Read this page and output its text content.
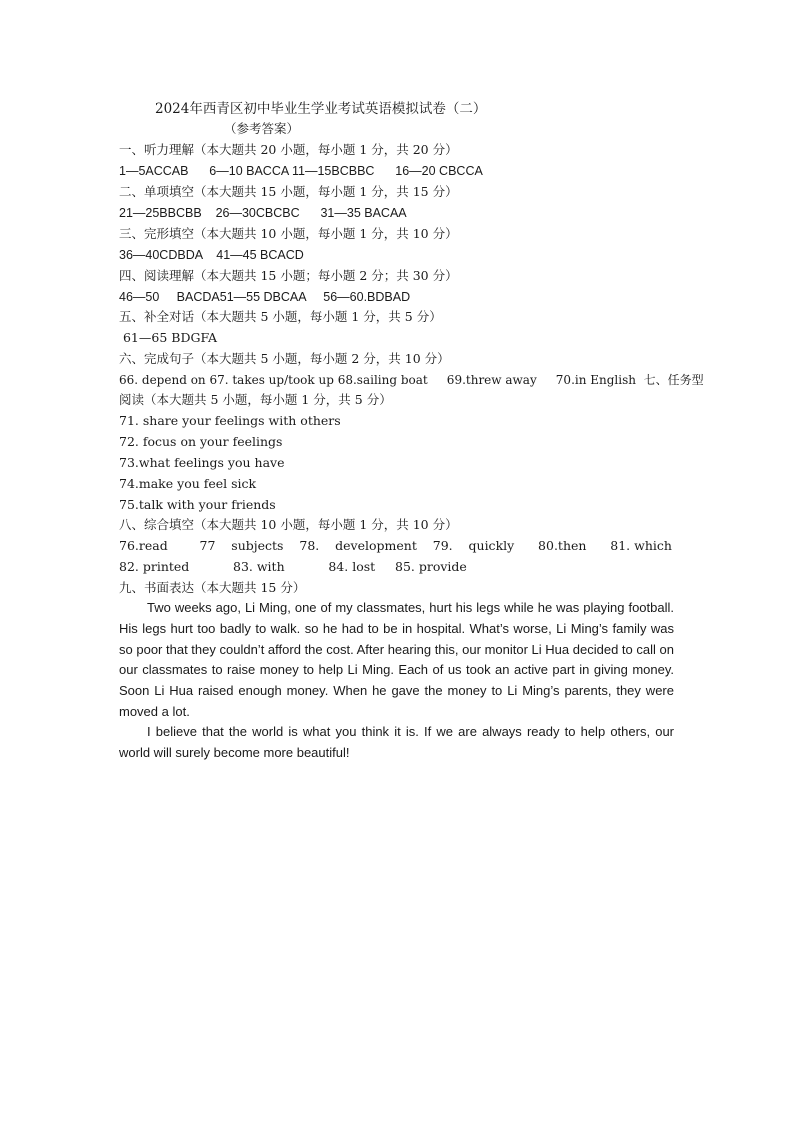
2024年西青区初中毕业生学业考试英语模拟试卷（二）
（参考答案）
一、听力理解（本大题共 20 小题，每小题 1 分，共 20 分）
1—5ACCAB      6—10 BACCA 11—15BCBBC      16—20 CBCCA
二、单项填空（本大题共 15 小题，每小题 1 分，共 15 分）
21—25BBCBB    26—30CBCBC      31—35 BACAA
三、完形填空（本大题共 10 小题，每小题 1 分，共 10 分）
36—40CDBDA    41—45 BCACD
四、阅读理解（本大题共 15 小题；每小题 2 分；共 30 分）
46—50     BACDA51—55 DBCAA     56—60.BDBAD
五、补全对话（本大题共 5 小题，每小题 1 分，共 5 分）
61—65 BDGFA
六、完成句子（本大题共 5 小题，每小题 2 分，共 10 分）
66. depend on 67. takes up/took up 68.sailing boat     69.threw away     70.in English  七、任务型
阅读（本大题共 5 小题，每小题 1 分，共 5 分）
71. share your feelings with others
72. focus on your feelings
73.what feelings you have
74.make you feel sick
75.talk with your friends
八、综合填空（本大题共 10 小题，每小题 1 分，共 10 分）
76.read        77    subjects    78.    development    79.    quickly      80.then      81. which
82. printed           83. with           84. lost     85. provide
九、书面表达（本大题共 15 分）

Two weeks ago, Li Ming, one of my classmates, hurt his legs while he was playing football. His legs hurt too badly to walk. so he had to be in hospital. What’s worse, Li Ming’s family was so poor that they couldn’t afford the cost. After hearing this, our monitor Li Hua decided to call on our classmates to raise money to help Li Ming. Each of us took an active part in giving money. Soon Li Hua raised enough money. When he gave the money to Li Ming’s parents, they were moved a lot.

I believe that the world is what you think it is. If we are always ready to help others, our world will surely become more beautiful!
